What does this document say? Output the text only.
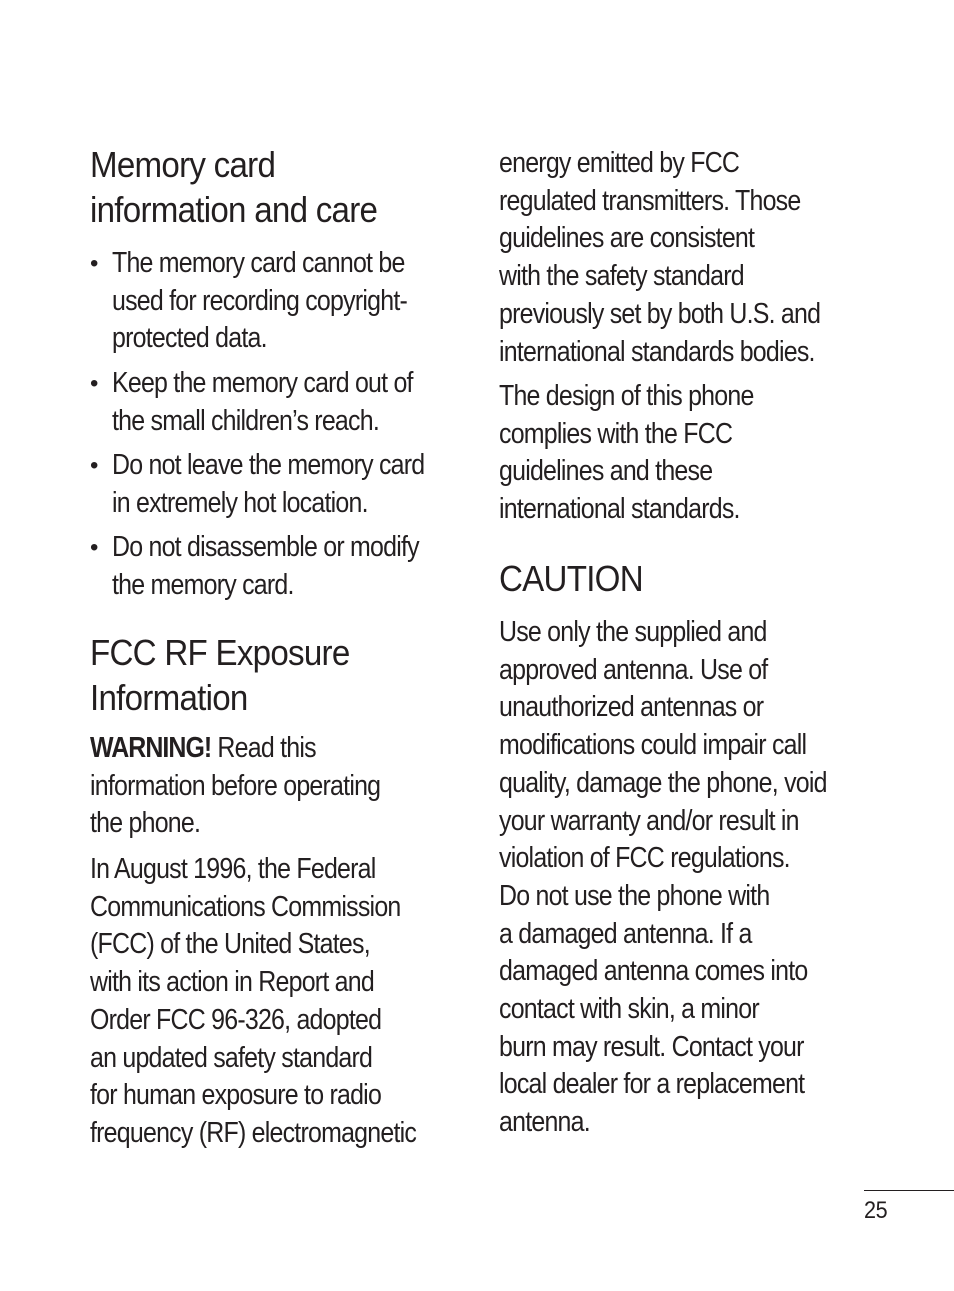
Memory card
information and care
• The memory card cannot be
used for recording copyright-
protected data.

• Keep the memory card out of
the small children’s reach.

• Do not leave the memory card
in extremely hot location.

• Do not disassemble or modify
the memory card.

FCC RF Exposure
Information

WARNING! Read this
information before operating
the phone.

In August 1996, the Federal
Communications Commission
(FCC) of the United States,
with its action in Report and
Order FCC 96-326, adopted
an updated safety standard
for human exposure to radio
frequency (RF) electromagnetic

energy emitted by FCC
regulated transmitters. Those
guidelines are consistent
with the safety standard
previously set by both U.S. and
international standards bodies.

The design of this phone
complies with the FCC
guidelines and these
international standards.

CAUTION

Use only the supplied and
approved antenna. Use of
unauthorized antennas or
modifications could impair call
quality, damage the phone, void
your warranty and/or result in
violation of FCC regulations.
Do not use the phone with
a damaged antenna. If a
damaged antenna comes into
contact with skin, a minor
burn may result. Contact your
local dealer for a replacement
antenna.

25
